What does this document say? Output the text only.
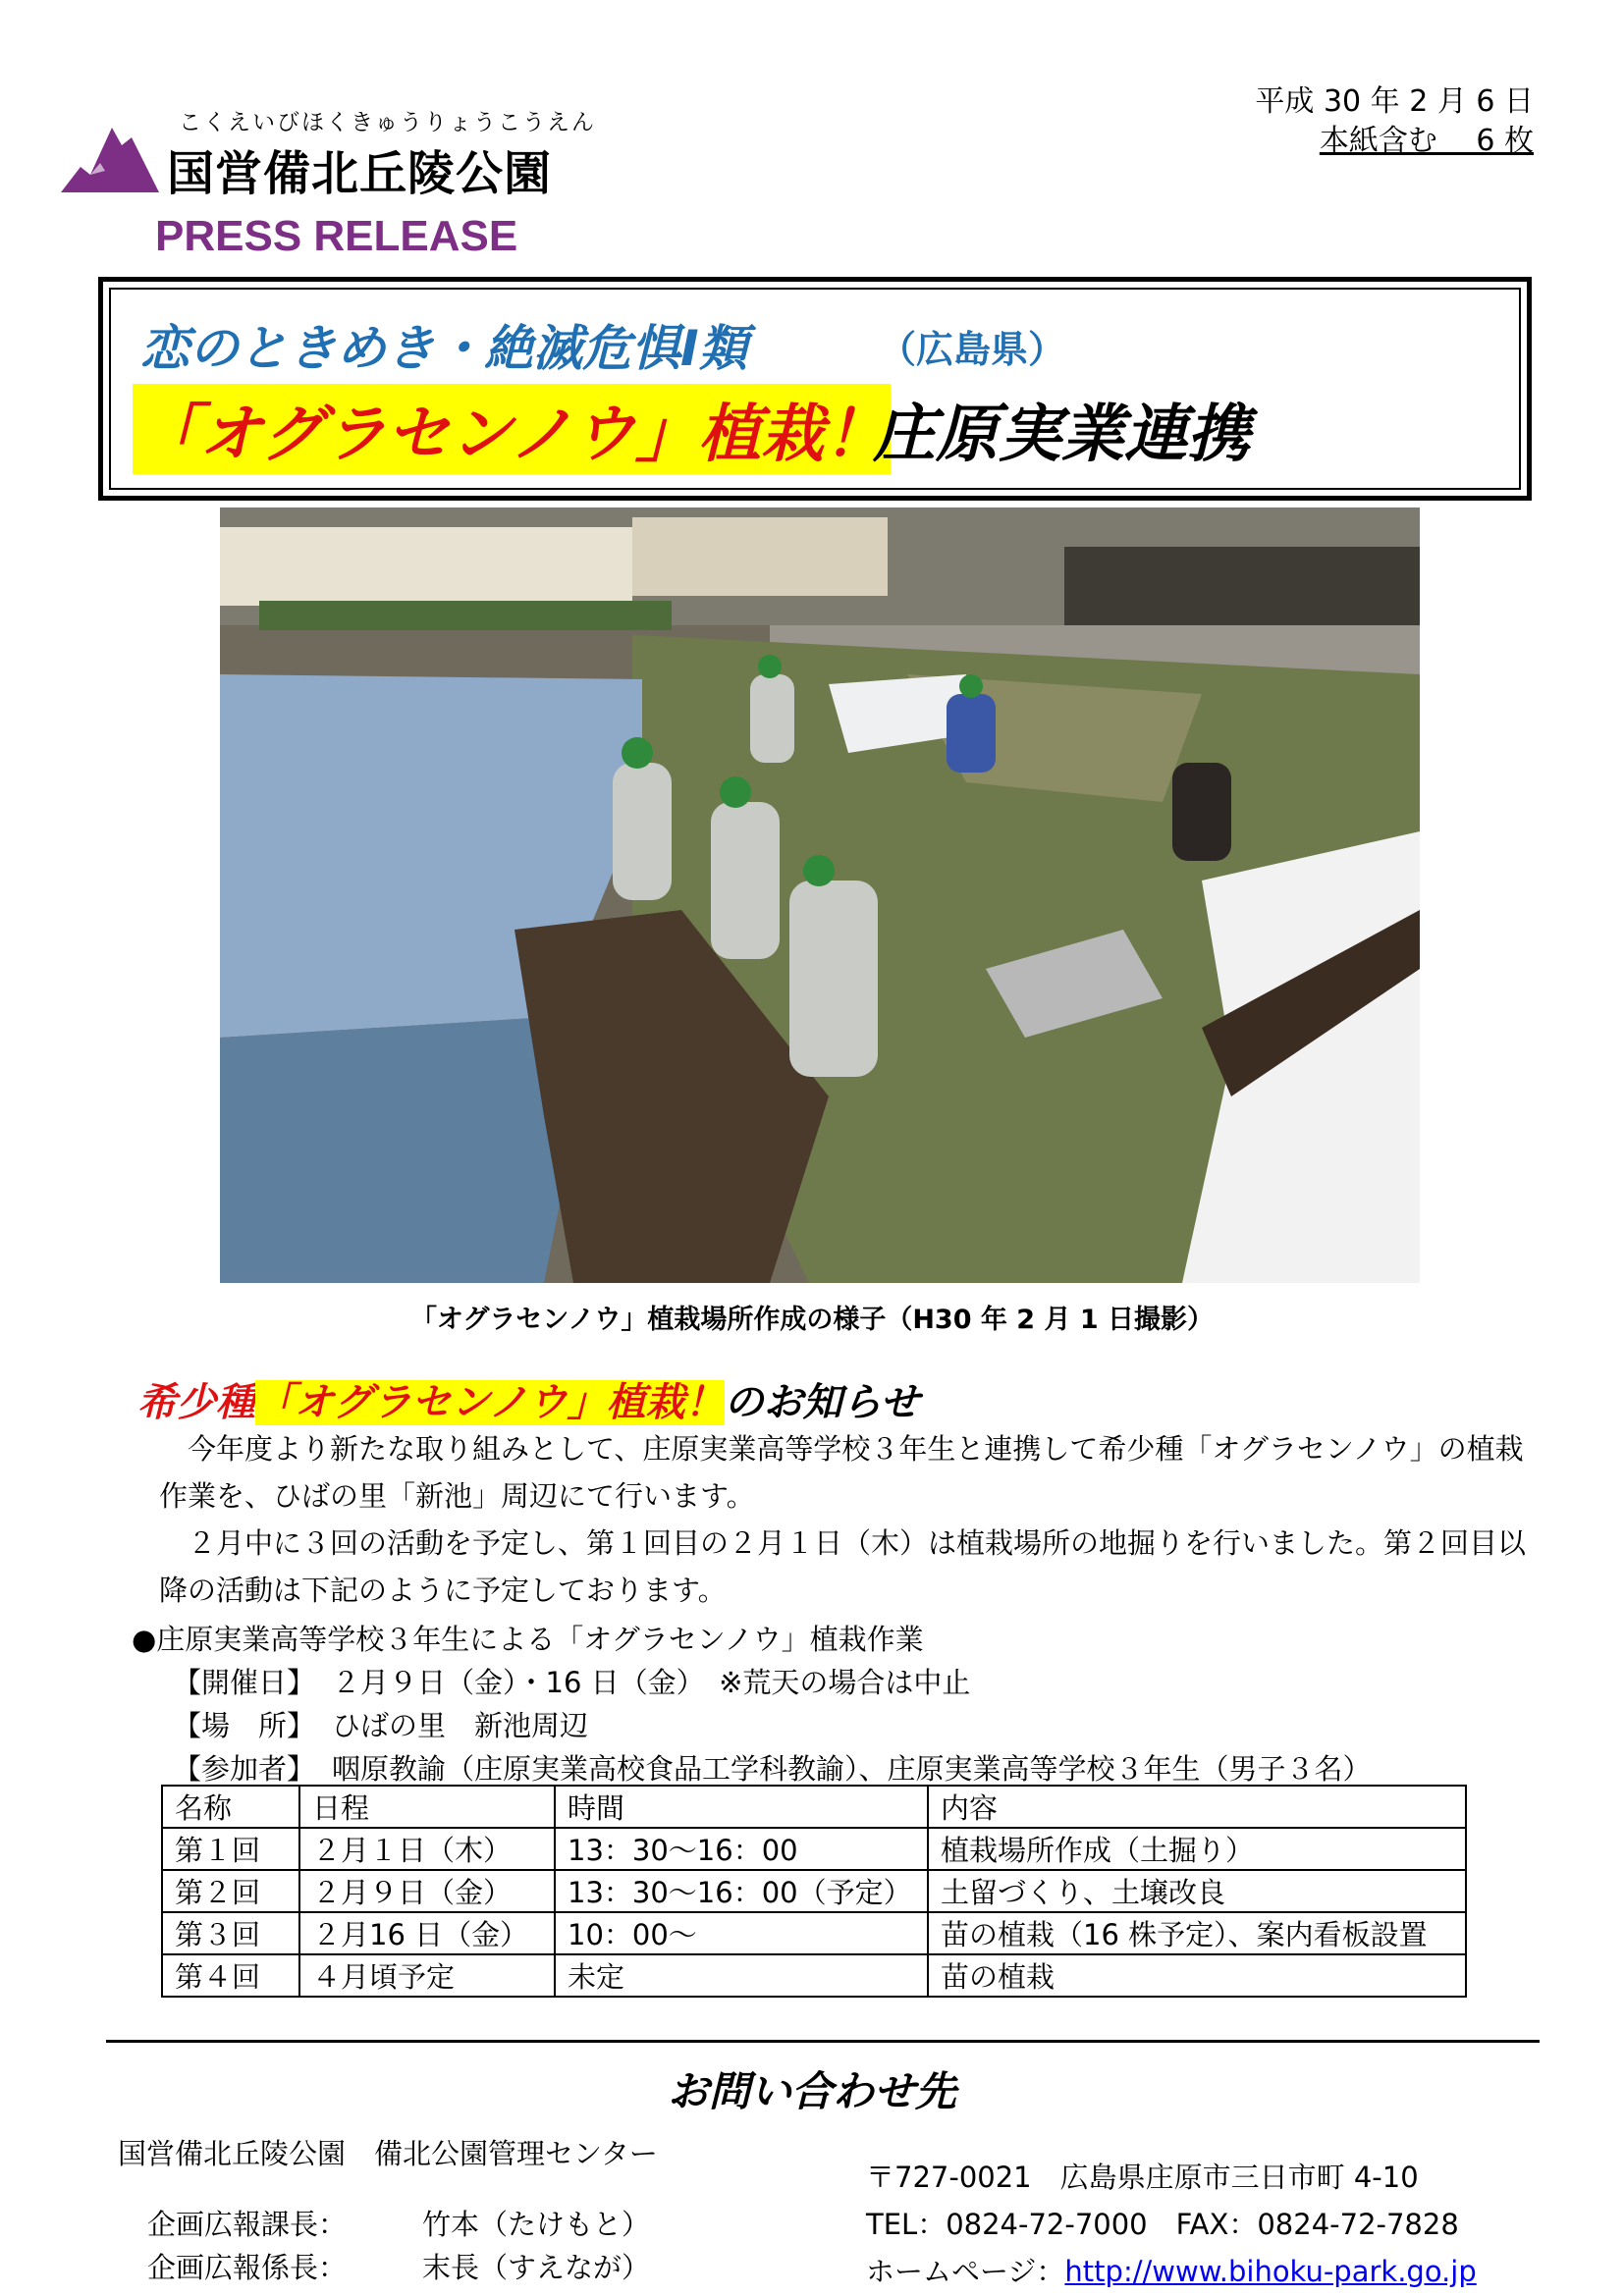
こくえいびほくきゅうりょうこうえん
国営備北丘陵公園
PRESS RELEASE
平成 30 年 2 月 6 日
本紙含む　 6 枚
恋のときめき・絶滅危惧Ⅰ類	（広島県）
「オグラセンノウ」植栽！
庄原実業連携
「オグラセンノウ」植栽場所作成の様子（H30 年 2 月 1 日撮影）
希少種「オグラセンノウ」植栽！のお知らせ
今年度より新たな取り組みとして、庄原実業高等学校３年生と連携して希少種「オグラセンノウ」の植栽作業を、ひばの里「新池」周辺にて行います。
２月中に３回の活動を予定し、第１回目の２月１日（木）は植栽場所の地掘りを行いました。第２回目以降の活動は下記のように予定しております。
●庄原実業高等学校３年生による「オグラセンノウ」植栽作業
【開催日】 ２月９日（金）・16 日（金）　※荒天の場合は中止
【場　所】 ひばの里　新池周辺
【参加者】 咽原教諭（庄原実業高校食品工学科教諭）、庄原実業高等学校３年生（男子３名）
名称	日程	時間	内容
第１回	２月１日（木）	13：30～16：00	植栽場所作成（土掘り）
第２回	２月９日（金）	13：30～16：00（予定）	土留づくり、土壌改良
第３回	２月16 日（金）	10：00～	苗の植栽（16 株予定）、案内看板設置
第４回	４月頃予定	未定	苗の植栽
お問い合わせ先
国営備北丘陵公園　備北公園管理センター
企画広報課長：	竹本（たけもと）
企画広報係長：	末長（すえなが）
〒727-0021　広島県庄原市三日市町 4-10
TEL：0824-72-7000　FAX：0824-72-7828
ホームページ：http://www.bihoku-park.go.jp
